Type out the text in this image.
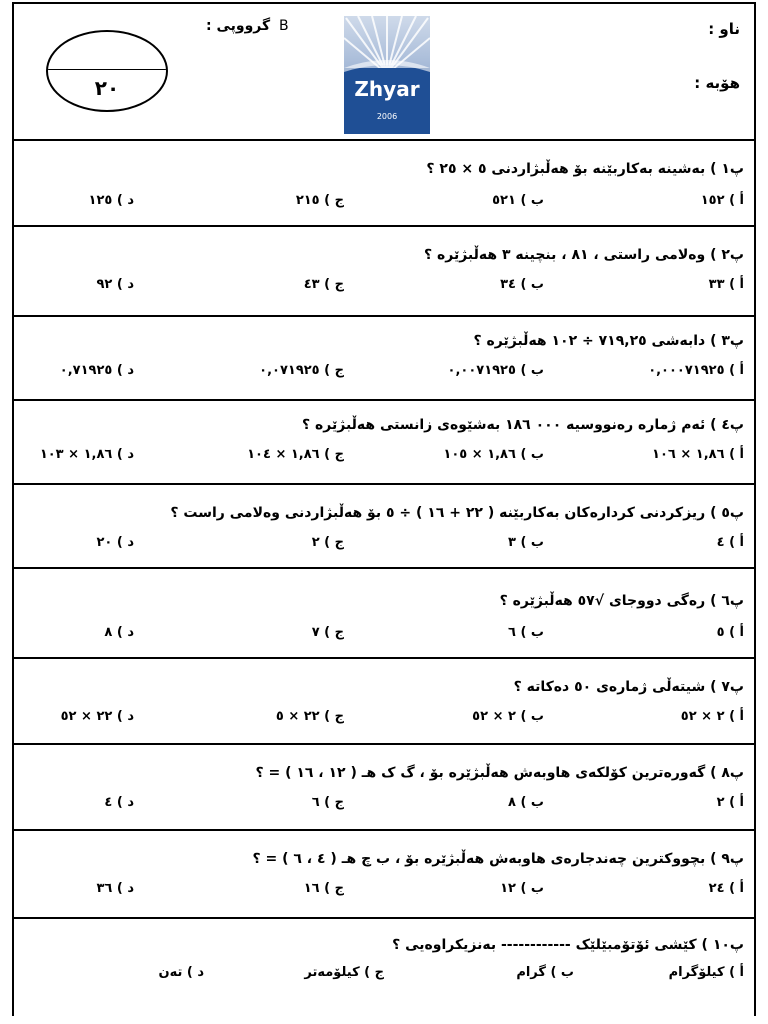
ناو :
هۆبە :
B گرووپی :
٢٠	Zhyar
2006
پ١ ) بەشینە بەکاربێنە بۆ هەڵبژاردنی ٥ × ٢٥ ؟
أ ) ١٥٢
ب ) ٥٢١
ج ) ٢١٥
د ) ١٢٥
پ٢ ) وەلامی راستی ، ٨١ ، بنچینە ٣ هەڵبژێرە ؟
أ ) ٣٣
ب ) ٣٤
ج ) ٤٣
د ) ٩٢
پ٣ ) دابەشی ٧١٩,٢٥ ÷ ١٠٢ هەڵبژێرە ؟
أ ) ٠,٠٠٠٧١٩٢٥
ب ) ٠,٠٠٧١٩٢٥
ج ) ٠,٠٧١٩٢٥
د ) ٠,٧١٩٢٥
پ٤ ) ئەم ژمارە رەنووسیە ٠٠٠ ١٨٦ بەشێوەی زانستی هەڵبژێرە ؟
أ ) ١,٨٦ × ١٠٦
ب ) ١,٨٦ × ١٠٥
ج ) ١,٨٦ × ١٠٤
د ) ١,٨٦ × ١٠٣
پ٥ ) ریزکردنی کردارەکان بەکاربێنە ( ٢٢ + ١٦ ) ÷ ٥ بۆ هەڵبژاردنی وەلامی راست ؟
أ ) ٤
ب ) ٣
ج ) ٢
د ) ٢٠
پ٦ ) رەگی دووجای √٥٧ هەڵبژێرە ؟
أ ) ٥
ب ) ٦
ج ) ٧
د ) ٨
پ٧ ) شیتەڵی ژمارەی ٥٠ دەکاتە ؟
أ ) ٢ × ٥٢
ب ) ٢ × ٥٢
ج ) ٢٢ × ٥
د ) ٢٢ × ٥٢
پ٨ ) گەورەترین کۆلکەی هاوبەش هەڵبژێرە بۆ ، گ ک هـ ( ١٢ ، ١٦ ) = ؟
أ ) ٢
ب ) ٨
ج ) ٦
د ) ٤
پ٩ ) بچووکترین چەندجارەی هاوبەش هەڵبژێرە بۆ ، ب چ هـ ( ٤ ، ٦ ) = ؟
أ ) ٢٤
ب ) ١٢
ج ) ١٦
د ) ٣٦
پ١٠ ) کێشی ئۆتۆمبێلێک ------------ بەنزیکراوەیی ؟
أ ) کیلۆگرام
ب ) گرام
ج ) کیلۆمەتر
د ) تەن
